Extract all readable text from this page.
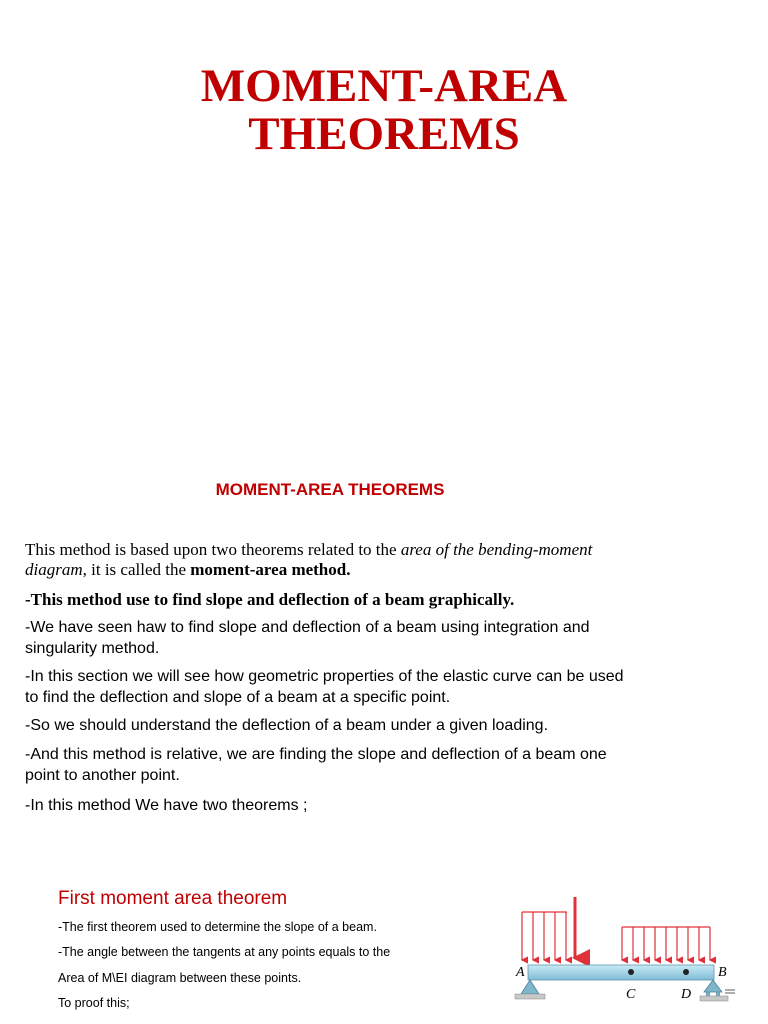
MOMENT-AREA
THEOREMS
MOMENT-AREA THEOREMS

This method is based upon two theorems related to the area of the bending-moment diagram, it is called the moment-area method.

-This method use to find slope and deflection of a beam graphically.

-We have seen haw to find slope and deflection of a beam using integration and singularity method.

-In this section we will see how geometric properties of the elastic curve can be used to find the deflection and slope of a beam at a specific point.

-So we should understand the deflection of a beam under a given loading.

-And this method is relative, we are finding the slope and deflection of a beam one point to another point.

-In this method We have two theorems ;

First moment area theorem
-The first theorem used to determine the slope of a beam.
-The angle between the tangents at any points equals to the
Area of M\EI diagram between these points.
To proof this;
A	B
C	D
